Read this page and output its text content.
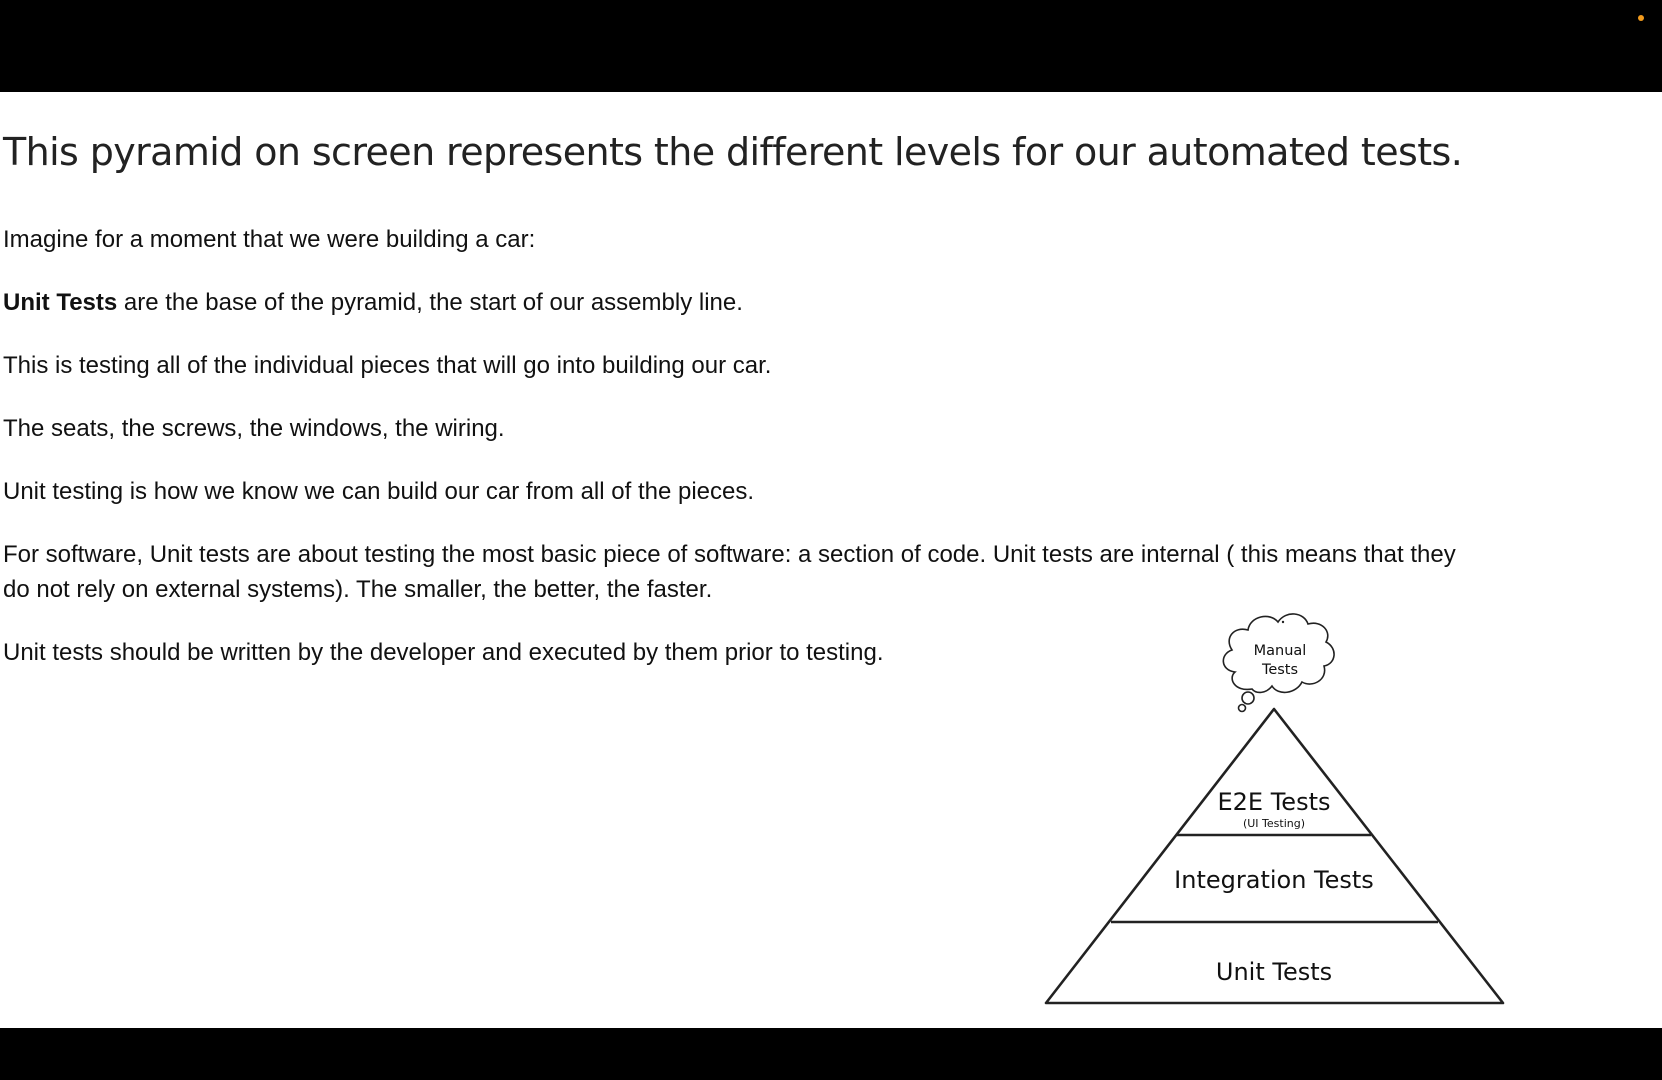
This pyramid on screen represents the different levels for our automated tests.

Imagine for a moment that we were building a car:

Unit Tests are the base of the pyramid, the start of our assembly line.

This is testing all of the individual pieces that will go into building our car.

The seats, the screws, the windows, the wiring.

Unit testing is how we know we can build our car from all of the pieces.

For software, Unit tests are about testing the most basic piece of software: a section of code. Unit tests are internal ( this means that they do not rely on external systems). The smaller, the better, the faster.

Unit tests should be written by the developer and executed by them prior to testing.	Manual
Tests
E2E Tests
(UI Testing)
Integration Tests
Unit Tests
